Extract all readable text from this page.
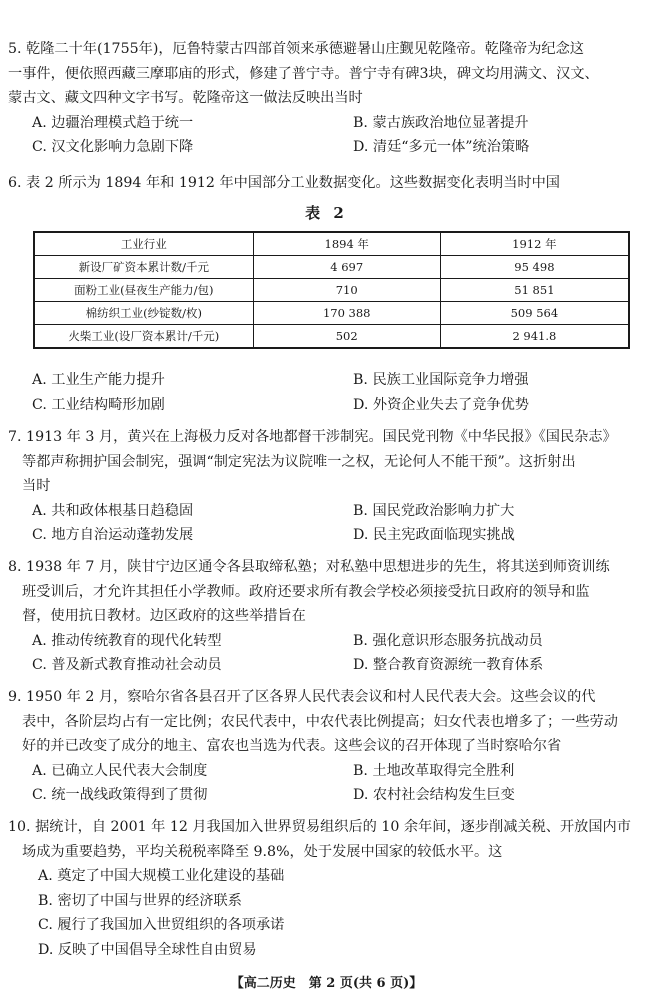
5. 乾隆二十年(1755年)，厄鲁特蒙古四部首领来承德避暑山庄觐见乾隆帝。乾隆帝为纪念这
一事件，便依照西藏三摩耶庙的形式，修建了普宁寺。普宁寺有碑3块，碑文均用满文、汉文、
蒙古文、藏文四种文字书写。乾隆帝这一做法反映出当时
A. 边疆治理模式趋于统一	B. 蒙古族政治地位显著提升
C. 汉文化影响力急剧下降	D. 清廷“多元一体”统治策略
6. 表 2 所示为 1894 年和 1912 年中国部分工业数据变化。这些数据变化表明当时中国
表 2
工业行业	1894 年	1912 年
新设厂矿资本累计数/千元	4 697	95 498
面粉工业(昼夜生产能力/包)	710	51 851
棉纺织工业(纱锭数/枚)	170 388	509 564
火柴工业(设厂资本累计/千元)	502	2 941.8
A. 工业生产能力提升	B. 民族工业国际竞争力增强
C. 工业结构畸形加剧	D. 外资企业失去了竞争优势
7. 1913 年 3 月，黄兴在上海极力反对各地都督干涉制宪。国民党刊物《中华民报》《国民杂志》
等都声称拥护国会制宪，强调“制定宪法为议院唯一之权，无论何人不能干预”。这折射出
当时
A. 共和政体根基日趋稳固	B. 国民党政治影响力扩大
C. 地方自治运动蓬勃发展	D. 民主宪政面临现实挑战
8. 1938 年 7 月，陕甘宁边区通令各县取缔私塾；对私塾中思想进步的先生，将其送到师资训练
班受训后，才允许其担任小学教师。政府还要求所有教会学校必须接受抗日政府的领导和监
督，使用抗日教材。边区政府的这些举措旨在
A. 推动传统教育的现代化转型	B. 强化意识形态服务抗战动员
C. 普及新式教育推动社会动员	D. 整合教育资源统一教育体系
9. 1950 年 2 月，察哈尔省各县召开了区各界人民代表会议和村人民代表大会。这些会议的代
表中，各阶层均占有一定比例；农民代表中，中农代表比例提高；妇女代表也增多了；一些劳动
好的并已改变了成分的地主、富农也当选为代表。这些会议的召开体现了当时察哈尔省
A. 已确立人民代表大会制度	B. 土地改革取得完全胜利
C. 统一战线政策得到了贯彻	D. 农村社会结构发生巨变
10. 据统计，自 2001 年 12 月我国加入世界贸易组织后的 10 余年间，逐步削减关税、开放国内市
场成为重要趋势，平均关税税率降至 9.8%，处于发展中国家的较低水平。这
A. 奠定了中国大规模工业化建设的基础
B. 密切了中国与世界的经济联系
C. 履行了我国加入世贸组织的各项承诺
D. 反映了中国倡导全球性自由贸易
【高二历史　第 2 页(共 6 页)】
